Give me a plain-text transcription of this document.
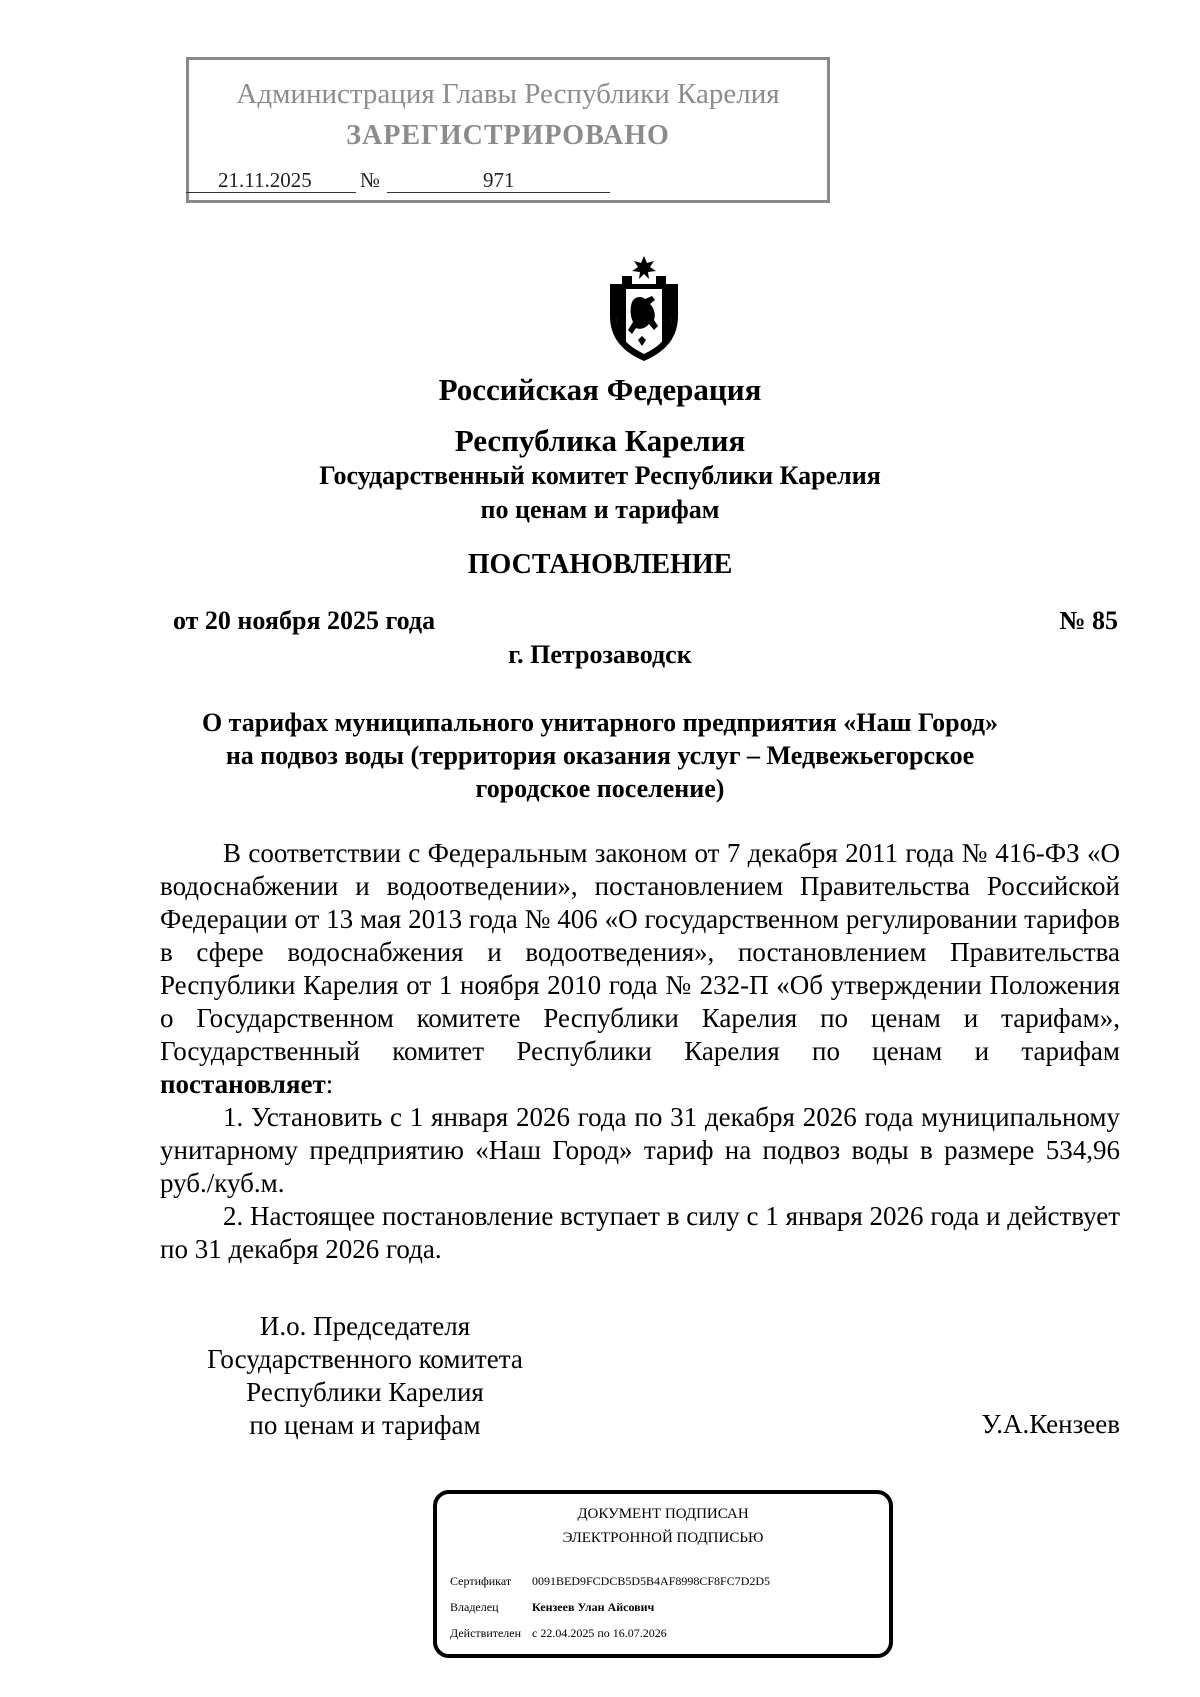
Администрация Главы Республики Карелия
ЗАРЕГИСТРИРОВАНО
21.11.2025 №	971
Российская Федерация
Республика Карелия
Государственный комитет Республики Карелия
по ценам и тарифам
ПОСТАНОВЛЕНИЕ
от 20 ноября 2025 года	№ 85
г. Петрозаводск
О тарифах муниципального унитарного предприятия «Наш Город»
на подвоз воды (территория оказания услуг – Медвежьегорское
городское поселение)

В соответствии с Федеральным законом от 7 декабря 2011 года № 416-ФЗ «О водоснабжении и водоотведении», постановлением Правительства Российской Федерации от 13 мая 2013 года № 406 «О государственном регулировании тарифов в сфере водоснабжения и водоотведения», постановлением Правительства Республики Карелия от 1 ноября 2010 года № 232-П «Об утверждении Положения о Государственном комитете Республики Карелия по ценам и тарифам», Государственный комитет Республики Карелия по ценам и тарифам постановляет:

1. Установить с 1 января 2026 года по 31 декабря 2026 года муниципальному унитарному предприятию «Наш Город» тариф на подвоз воды в размере 534,96 руб./куб.м.

2. Настоящее постановление вступает в силу с 1 января 2026 года и действует по 31 декабря 2026 года.

И.о. Председателя
Государственного комитета
Республики Карелия
по ценам и тарифам	У.А.Кензеев
ДОКУМЕНТ ПОДПИСАН
ЭЛЕКТРОННОЙ ПОДПИСЬЮ
Сертификат 0091BED9FCDCB5D5B4AF8998CF8FC7D2D5
Владелец	Кензеев Улан Айсович
Действителен с 22.04.2025 по 16.07.2026
